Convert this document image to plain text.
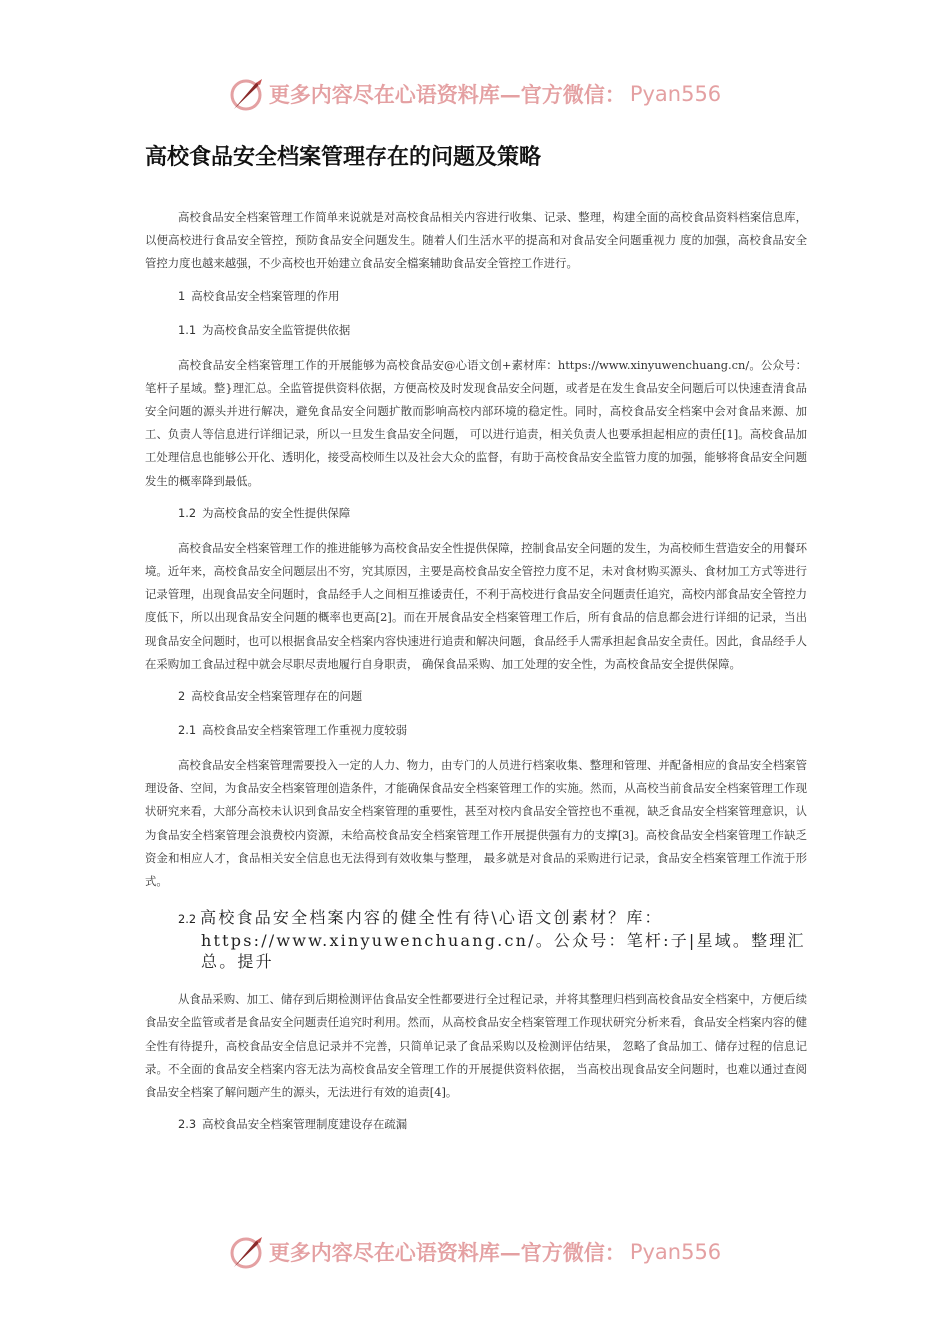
更多内容尽在心语资料库—官方微信： Pyan556
高校食品安全档案管理存在的问题及策略

高校食品安全档案管理工作简单来说就是对高校食品相关内容进行收集、记录、整理，构建全面的高校食品资料档案信息库，以便高校进行食品安全管控，预防食品安全问题发生。随着人们生活水平的提高和对食品安全问题重视力 度的加强，高校食品安全管控力度也越来越强，不少高校也开始建立食品安全檔案辅助食品安全管控工作进行。

1 高校食品安全档案管理的作用
1.1 为高校食品安全监管提供依据

高校食品安全档案管理工作的开展能够为高校食品安@心语文创+素材库：https://www.xinyuwenchuang.cn/。公众号：笔杆子星域。整}理汇总。全监管提供资料依据，方便高校及时发现食品安全问题，或者是在发生食品安全问题后可以快速查清食品安全问题的源头并进行解决，避免食品安全问题扩散而影响高校内部环境的稳定性。同时，高校食品安全档案中会对食品来源、加工、负责人等信息进行详细记录，所以一旦发生食品安全问题， 可以进行追责，相关负责人也要承担起相应的责任[1]。高校食品加工处理信息也能够公开化、透明化，接受高校师生以及社会大众的监督，有助于高校食品安全监管力度的加强，能够将食品安全问题发生的概率降到最低。

1.2 为高校食品的安全性提供保障

高校食品安全档案管理工作的推进能够为高校食品安全性提供保障，控制食品安全问题的发生，为高校师生营造安全的用餐环境。近年来，高校食品安全问题层出不穷，究其原因，主要是高校食品安全管控力度不足，未对食材购买源头、食材加工方式等进行记录管理，出现食品安全问题时，食品经手人之间相互推诿责任，不利于高校进行食品安全问题责任追究，高校内部食品安全管控力度低下，所以出现食品安全问题的概率也更高[2]。而在开展食品安全档案管理工作后，所有食品的信息都会进行详细的记录，当出现食品安全问题时，也可以根据食品安全档案内容快速进行追责和解决问题，食品经手人需承担起食品安全责任。因此，食品经手人在采购加工食品过程中就会尽职尽责地履行自身职责， 确保食品采购、加工处理的安全性，为高校食品安全提供保障。

2 高校食品安全档案管理存在的问题
2.1 高校食品安全档案管理工作重视力度较弱

高校食品安全档案管理需要投入一定的人力、物力，由专门的人员进行档案收集、整理和管理、并配备相应的食品安全档案管理设备、空间，为食品安全档案管理创造条件，才能确保食品安全档案管理工作的实施。然而，从高校当前食品安全档案管理工作现状研究来看，大部分高校未认识到食品安全档案管理的重要性，甚至对校内食品安全管控也不重视，缺乏食品安全档案管理意识，认为食品安全档案管理会浪费校内资源，未给高校食品安全档案管理工作开展提供强有力的支撑[3]。高校食品安全档案管理工作缺乏资金和相应人才，食品相关安全信息也无法得到有效收集与整理， 最多就是对食品的采购进行记录，食品安全档案管理工作流于形式。

2.2 高校食品安全档案内容的健全性有待\心语文创素材？库：https://www.xinyuwenchuang.cn/。公众号：笔杆:子|星域。整理汇总。提升

从食品采购、加工、储存到后期检测评估食品安全性都要进行全过程记录，并将其整理归档到高校食品安全档案中，方便后续食品安全监管或者是食品安全问题责任追究时利用。然而，从高校食品安全档案管理工作现状研究分析来看，食品安全档案内容的健全性有待提升，高校食品安全信息记录并不完善，只简单记录了食品采购以及检测评估结果， 忽略了食品加工、储存过程的信息记录。不全面的食品安全档案内容无法为高校食品安全管理工作的开展提供资料依据， 当高校出现食品安全问题时，也难以通过查阅食品安全档案了解问题产生的源头，无法进行有效的追责[4]。

2.3 高校食品安全档案管理制度建设存在疏漏
更多内容尽在心语资料库—官方微信： Pyan556
